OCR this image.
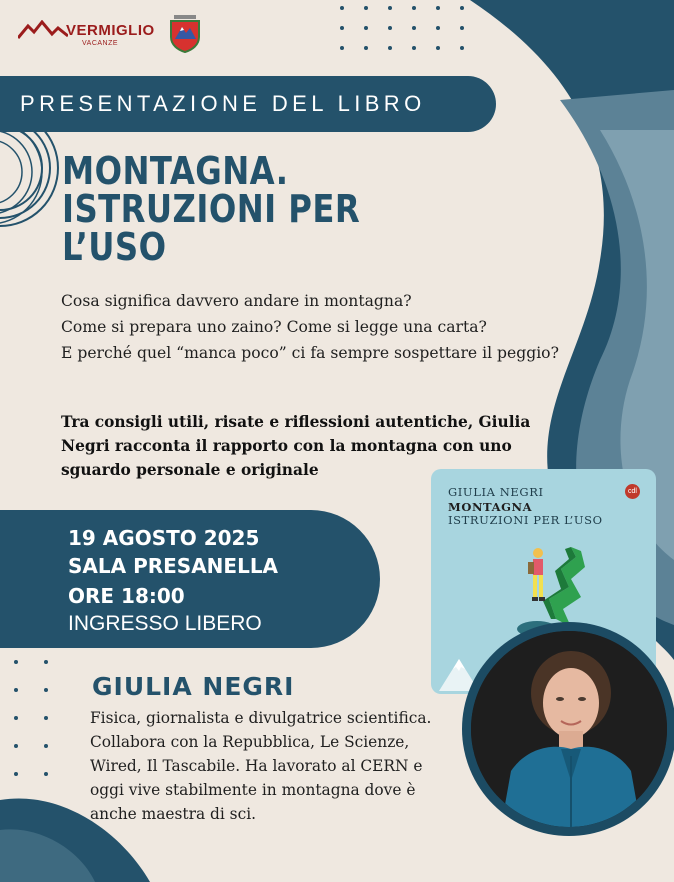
VERMIGLIO
VACANZE
PRESENTAZIONE DEL LIBRO
MONTAGNA.
ISTRUZIONI PER
L’USO
Cosa significa davvero andare in montagna?
Come si prepara uno zaino? Come si legge una carta?
E perché quel “manca poco” ci fa sempre sospettare il peggio?
Tra consigli utili, risate e riflessioni autentiche, Giulia Negri racconta il rapporto con la montagna con uno sguardo personale e originale
19 AGOSTO 2025
SALA PRESANELLA
ORE 18:00
INGRESSO LIBERO
GIULIA NEGRI
MONTAGNA
ISTRUZIONI PER L’USO
cdl
GIULIA NEGRI
Fisica, giornalista e divulgatrice scientifica. Collabora con la Repubblica, Le Scienze, Wired, Il Tascabile. Ha lavorato al CERN e oggi vive stabilmente in montagna dove è anche maestra di sci.
